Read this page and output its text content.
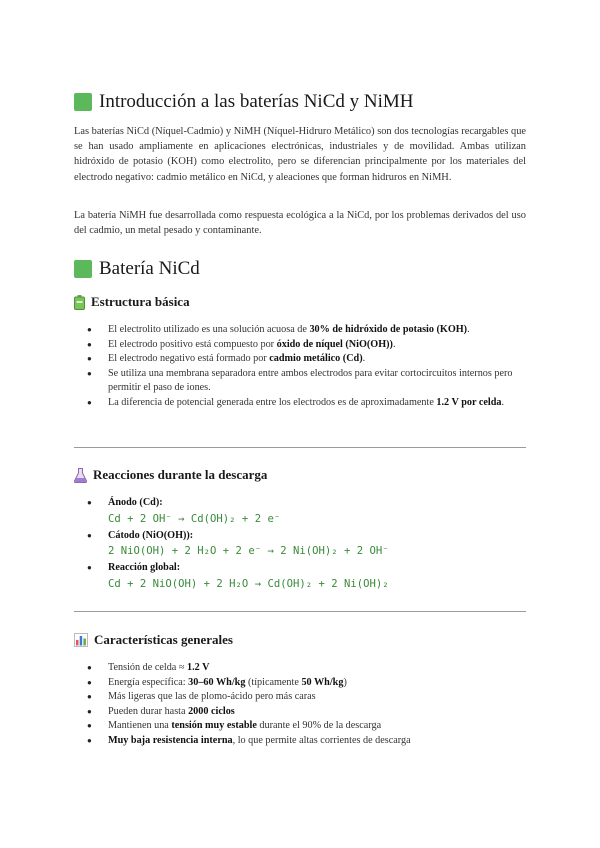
Introducción a las baterías NiCd y NiMH

Las baterías NiCd (Níquel-Cadmio) y NiMH (Níquel-Hidruro Metálico) son dos tecnologías recargables que se han usado ampliamente en aplicaciones electrónicas, industriales y de movilidad. Ambas utilizan hidróxido de potasio (KOH) como electrolito, pero se diferencian principalmente por los materiales del electrodo negativo: cadmio metálico en NiCd, y aleaciones que forman hidruros en NiMH.

La batería NiMH fue desarrollada como respuesta ecológica a la NiCd, por los problemas derivados del uso del cadmio, un metal pesado y contaminante.

Batería NiCd
Estructura básica
● El electrolito utilizado es una solución acuosa de 30% de hidróxido de potasio (KOH).
● El electrodo positivo está compuesto por óxido de níquel (NiO(OH)).
● El electrodo negativo está formado por cadmio metálico (Cd).
● Se utiliza una membrana separadora entre ambos electrodos para evitar cortocircuitos internos pero permitir el paso de iones.
● La diferencia de potencial generada entre los electrodos es de aproximadamente 1.2 V por celda.
Reacciones durante la descarga
● Ánodo (Cd):
Cd + 2 OH⁻ → Cd(OH)₂ + 2 e⁻
● Cátodo (NiO(OH)):
2 NiO(OH) + 2 H₂O + 2 e⁻ → 2 Ni(OH)₂ + 2 OH⁻
● Reacción global:
Cd + 2 NiO(OH) + 2 H₂O → Cd(OH)₂ + 2 Ni(OH)₂
Características generales
● Tensión de celda ≈ 1.2 V
● Energía específica: 30–60 Wh/kg (típicamente 50 Wh/kg)
● Más ligeras que las de plomo-ácido pero más caras
● Pueden durar hasta 2000 ciclos
● Mantienen una tensión muy estable durante el 90% de la descarga
● Muy baja resistencia interna, lo que permite altas corrientes de descarga
